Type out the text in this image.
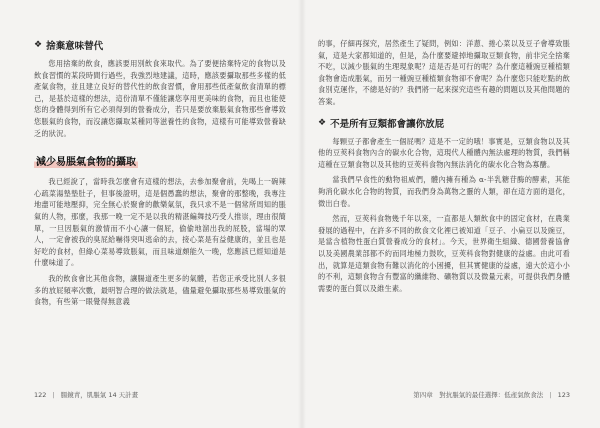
❖ 捨棄意味替代

您用捨棄的飲食，應該要用別飲食來取代。為了要便捨棄特定的食物以及飲食習慣的某段時間行過些，我強烈地建議，這時，應該要攝取那些多樣的低產氣食物，並且建立良好的替代性的飲食習慣，會用那些低產氣飲食清單的標己，是基於這樣的想法，這份清單不僅能讓您享用更美味的食物，而且也能使您的身體得到所有它必須得到的營養成分，若只是要放棄脹氣食物那些會導致您脹氣的食物，而沒讓您攝取某種同等滋養性的食物，這樣有可能導致營養缺乏的狀況。

減少易脹氣食物的攝取

我已經說了，當時我怎麼會有這樣的想法，去參加聚會前，先喝上一碗辣心疏菜湯墊墊肚子，但事後證明，這是個愚蠢的想法，聚會的那整晚，我專注地盡可能地壓抑，完全無心於聚會的歡樂氣氛，我只求不是一個常所周知的脹氣的人物，那麼，我那一晚一定不是以我的精湛編舞技巧受人推崇，理由很簡單，一旦因脹氣的激情而不小心讓一個屁，偷偷地溜出我的屁股，當場的眾人，一定會被我的臭屁給嚇得突叫逃命的去，接心菜是有益健康的，並且也是好吃的食材，但綠心菜易導致脹氣，而且味道頗能久一晚，您應該已經知道是什麼味道了。

我的飲食會比其他食物，讓腸道產生更多的氣體，若您正承受比別人多很多的放屁頻率次數，最明智合理的做法就是，儘量避免攝取那些易導致脹氣的食物，有些第一眼覺得無意義

的事，仔細再探究，居然產生了疑問，例如：洋蔥、捲心菜以及豆子會導致脹氣，這是大家都知道的，但是，為什麼要避掉地攝取豆類食物，前非完全捨棄不吃，以減少脹氣的生理現象呢？這是否是可行的呢？為什麼這種豌豆種植類食物會造成脹氣，而另一種豌豆種植類食物卻不會呢？為什麼您只能吃點的飲食別克運作，不總是好的？我們將一起來探究這些有趣的問題以及其他問題的答案。

❖ 不是所有豆類都會讓你放屁

每顆豆子都會產生一個屁嗎？這是不一定的哦！事實是，豆類食物以及其他的豆莢科食物內含的碳水化合物，這現代人種體內無法處理的物質，我們稱這種在豆類食物以及其他的豆莢科食物內無法消化的碳水化合物為寡醣。

當我們早食性的動物祖威們，體內擁有種為 α-半乳糖苷酶的酵素，其能夠消化碳水化合物的物質，而我們身為萬物之靈的人類，卻在這方面的退化，微出白卷。

然而，豆莢科食物幾千年以來，一直都是人類飲食中的固定食材，在農業發展的過程中，在許多不同的飲食文化裡已被知道「豆子、小扁豆以及豌豆，是當含植物性蛋白質營養成分的食材」。今天，世界衛生組織、德國營養協會以及美國農業部都不約而同地極力鼓吹，豆莢科食物對健康的益處。由此可看出，就算是這類食物有難以消化的小困擾，但其實健康的益處，遠大於這小小的不利，這類食物含有豐富的纖維物、礦物質以及微量元素，可提供我們身體需要的蛋白質以及維生素。

122 | 腸鏡青，肌脹氣 14 天計畫	第四章　對抗脹氣的最佳選擇：低產氣飲食法 | 123
